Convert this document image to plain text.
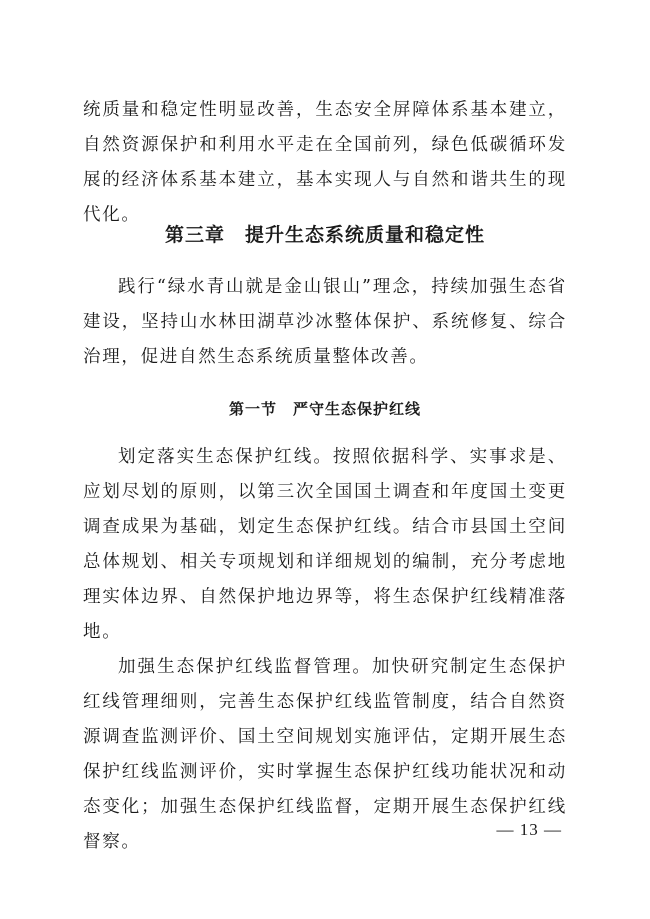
统质量和稳定性明显改善，生态安全屏障体系基本建立，自然资源保护和利用水平走在全国前列，绿色低碳循环发展的经济体系基本建立，基本实现人与自然和谐共生的现代化。

第三章　提升生态系统质量和稳定性

践行“绿水青山就是金山银山”理念，持续加强生态省建设，坚持山水林田湖草沙冰整体保护、系统修复、综合治理，促进自然生态系统质量整体改善。

第一节　严守生态保护红线

划定落实生态保护红线。按照依据科学、实事求是、应划尽划的原则，以第三次全国国土调查和年度国土变更调查成果为基础，划定生态保护红线。结合市县国土空间总体规划、相关专项规划和详细规划的编制，充分考虑地理实体边界、自然保护地边界等，将生态保护红线精准落地。

加强生态保护红线监督管理。加快研究制定生态保护红线管理细则，完善生态保护红线监管制度，结合自然资源调查监测评价、国土空间规划实施评估，定期开展生态保护红线监测评价，实时掌握生态保护红线功能状况和动态变化；加强生态保护红线监督，定期开展生态保护红线督察。

— 13 —
